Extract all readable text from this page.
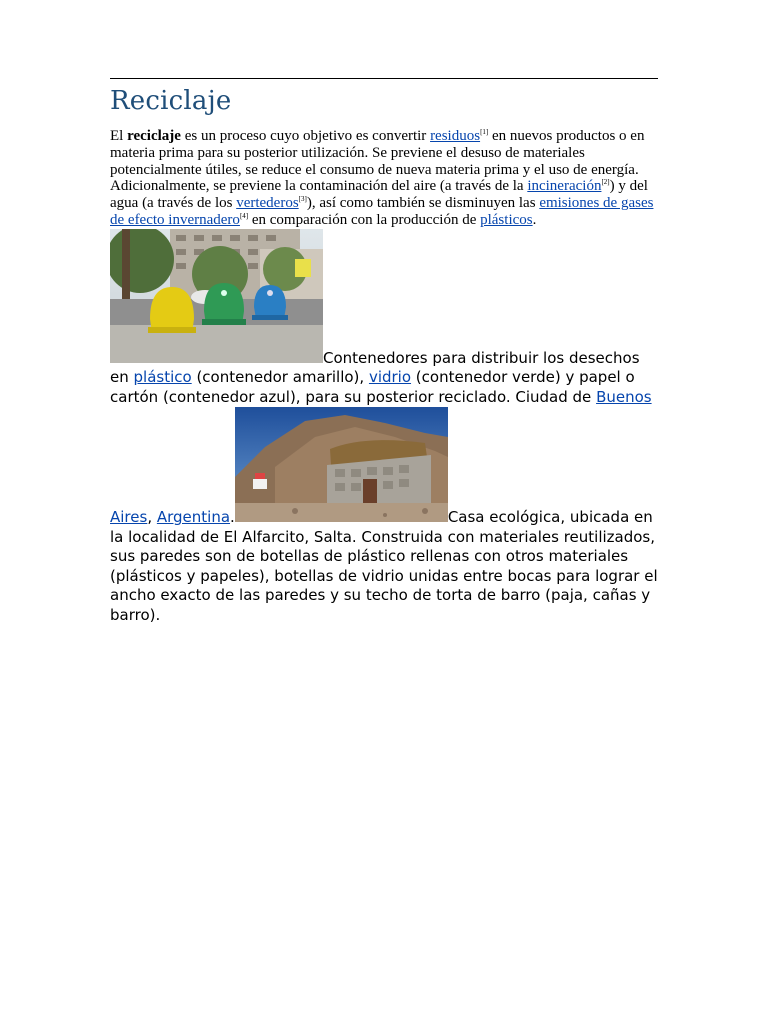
Reciclaje

El reciclaje es un proceso cuyo objetivo es convertir residuos[1] en nuevos productos o en materia prima para su posterior utilización. Se previene el desuso de materiales potencialmente útiles, se reduce el consumo de nueva materia prima y el uso de energía. Adicionalmente, se previene la contaminación del aire (a través de la incineración[2]) y del agua (a través de los vertederos[3]), así como también se disminuyen las emisiones de gases de efecto invernadero[4] en comparación con la producción de plásticos.

Contenedores para distribuir los desechos en plástico (contenedor amarillo), vidrio (contenedor verde) y papel o cartón (contenedor azul), para su posterior reciclado. Ciudad de Buenos Aires, Argentina.	Casa ecológica, ubicada en la localidad de El Alfarcito, Salta. Construida con materiales reutilizados, sus paredes son de botellas de plástico rellenas con otros materiales (plásticos y papeles), botellas de vidrio unidas entre bocas para lograr el ancho exacto de las paredes y su techo de torta de barro (paja, cañas y barro).
